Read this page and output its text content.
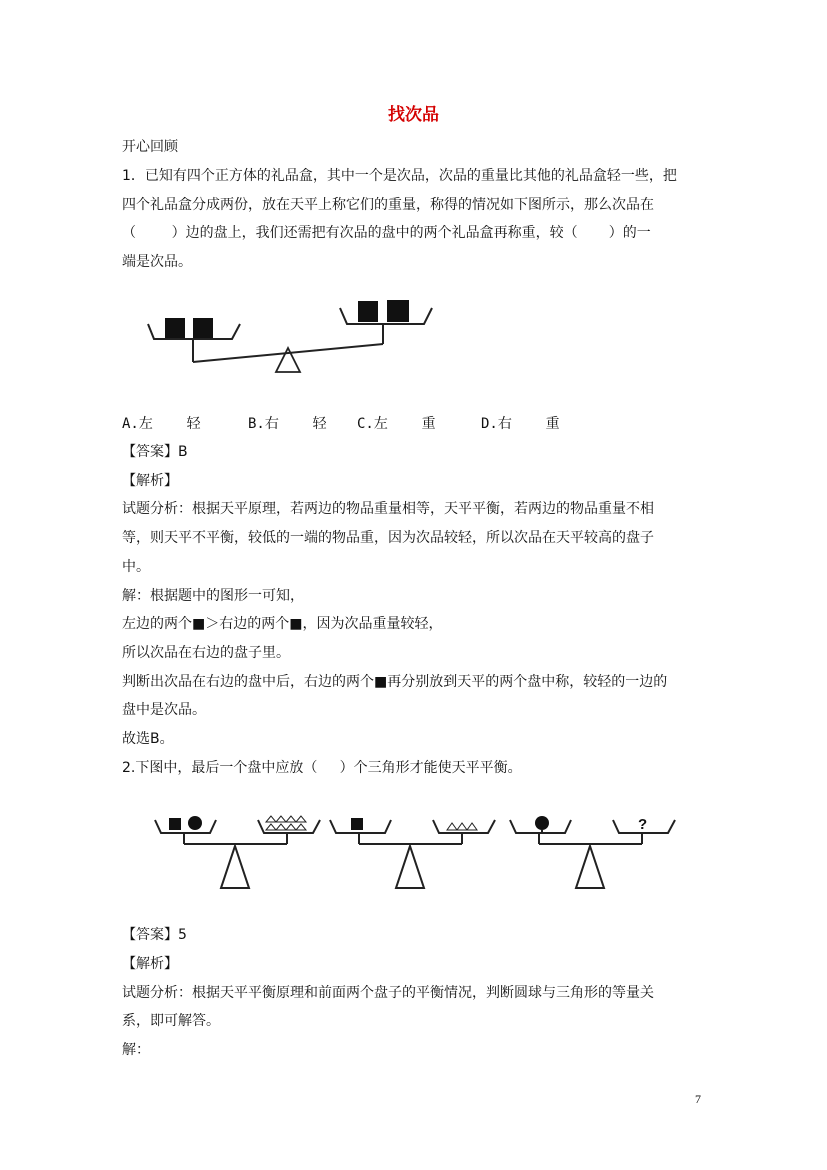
找次品
开心回顾
1．已知有四个正方体的礼品盒，其中一个是次品，次品的重量比其他的礼品盒轻一些，把
四个礼品盒分成两份，放在天平上称它们的重量，称得的情况如下图所示，那么次品在
（        ）边的盘上，我们还需把有次品的盘中的两个礼品盒再称重，较（       ）的一
端是次品。
A.左    轻	B.右    轻 C.左    重	D.右    重
【答案】B
【解析】
试题分析：根据天平原理，若两边的物品重量相等，天平平衡，若两边的物品重量不相
等，则天平不平衡，较低的一端的物品重，因为次品较轻，所以次品在天平较高的盘子
中。
解：根据题中的图形一可知，
左边的两个■＞右边的两个■，因为次品重量较轻，
所以次品在右边的盘子里。
判断出次品在右边的盘中后，右边的两个■再分别放到天平的两个盘中称，较轻的一边的
盘中是次品。
故选B。
2.下图中，最后一个盘中应放（     ）个三角形才能使天平平衡。
?
【答案】5
【解析】
试题分析：根据天平平衡原理和前面两个盘子的平衡情况，判断圆球与三角形的等量关
系，即可解答。
解：
7
